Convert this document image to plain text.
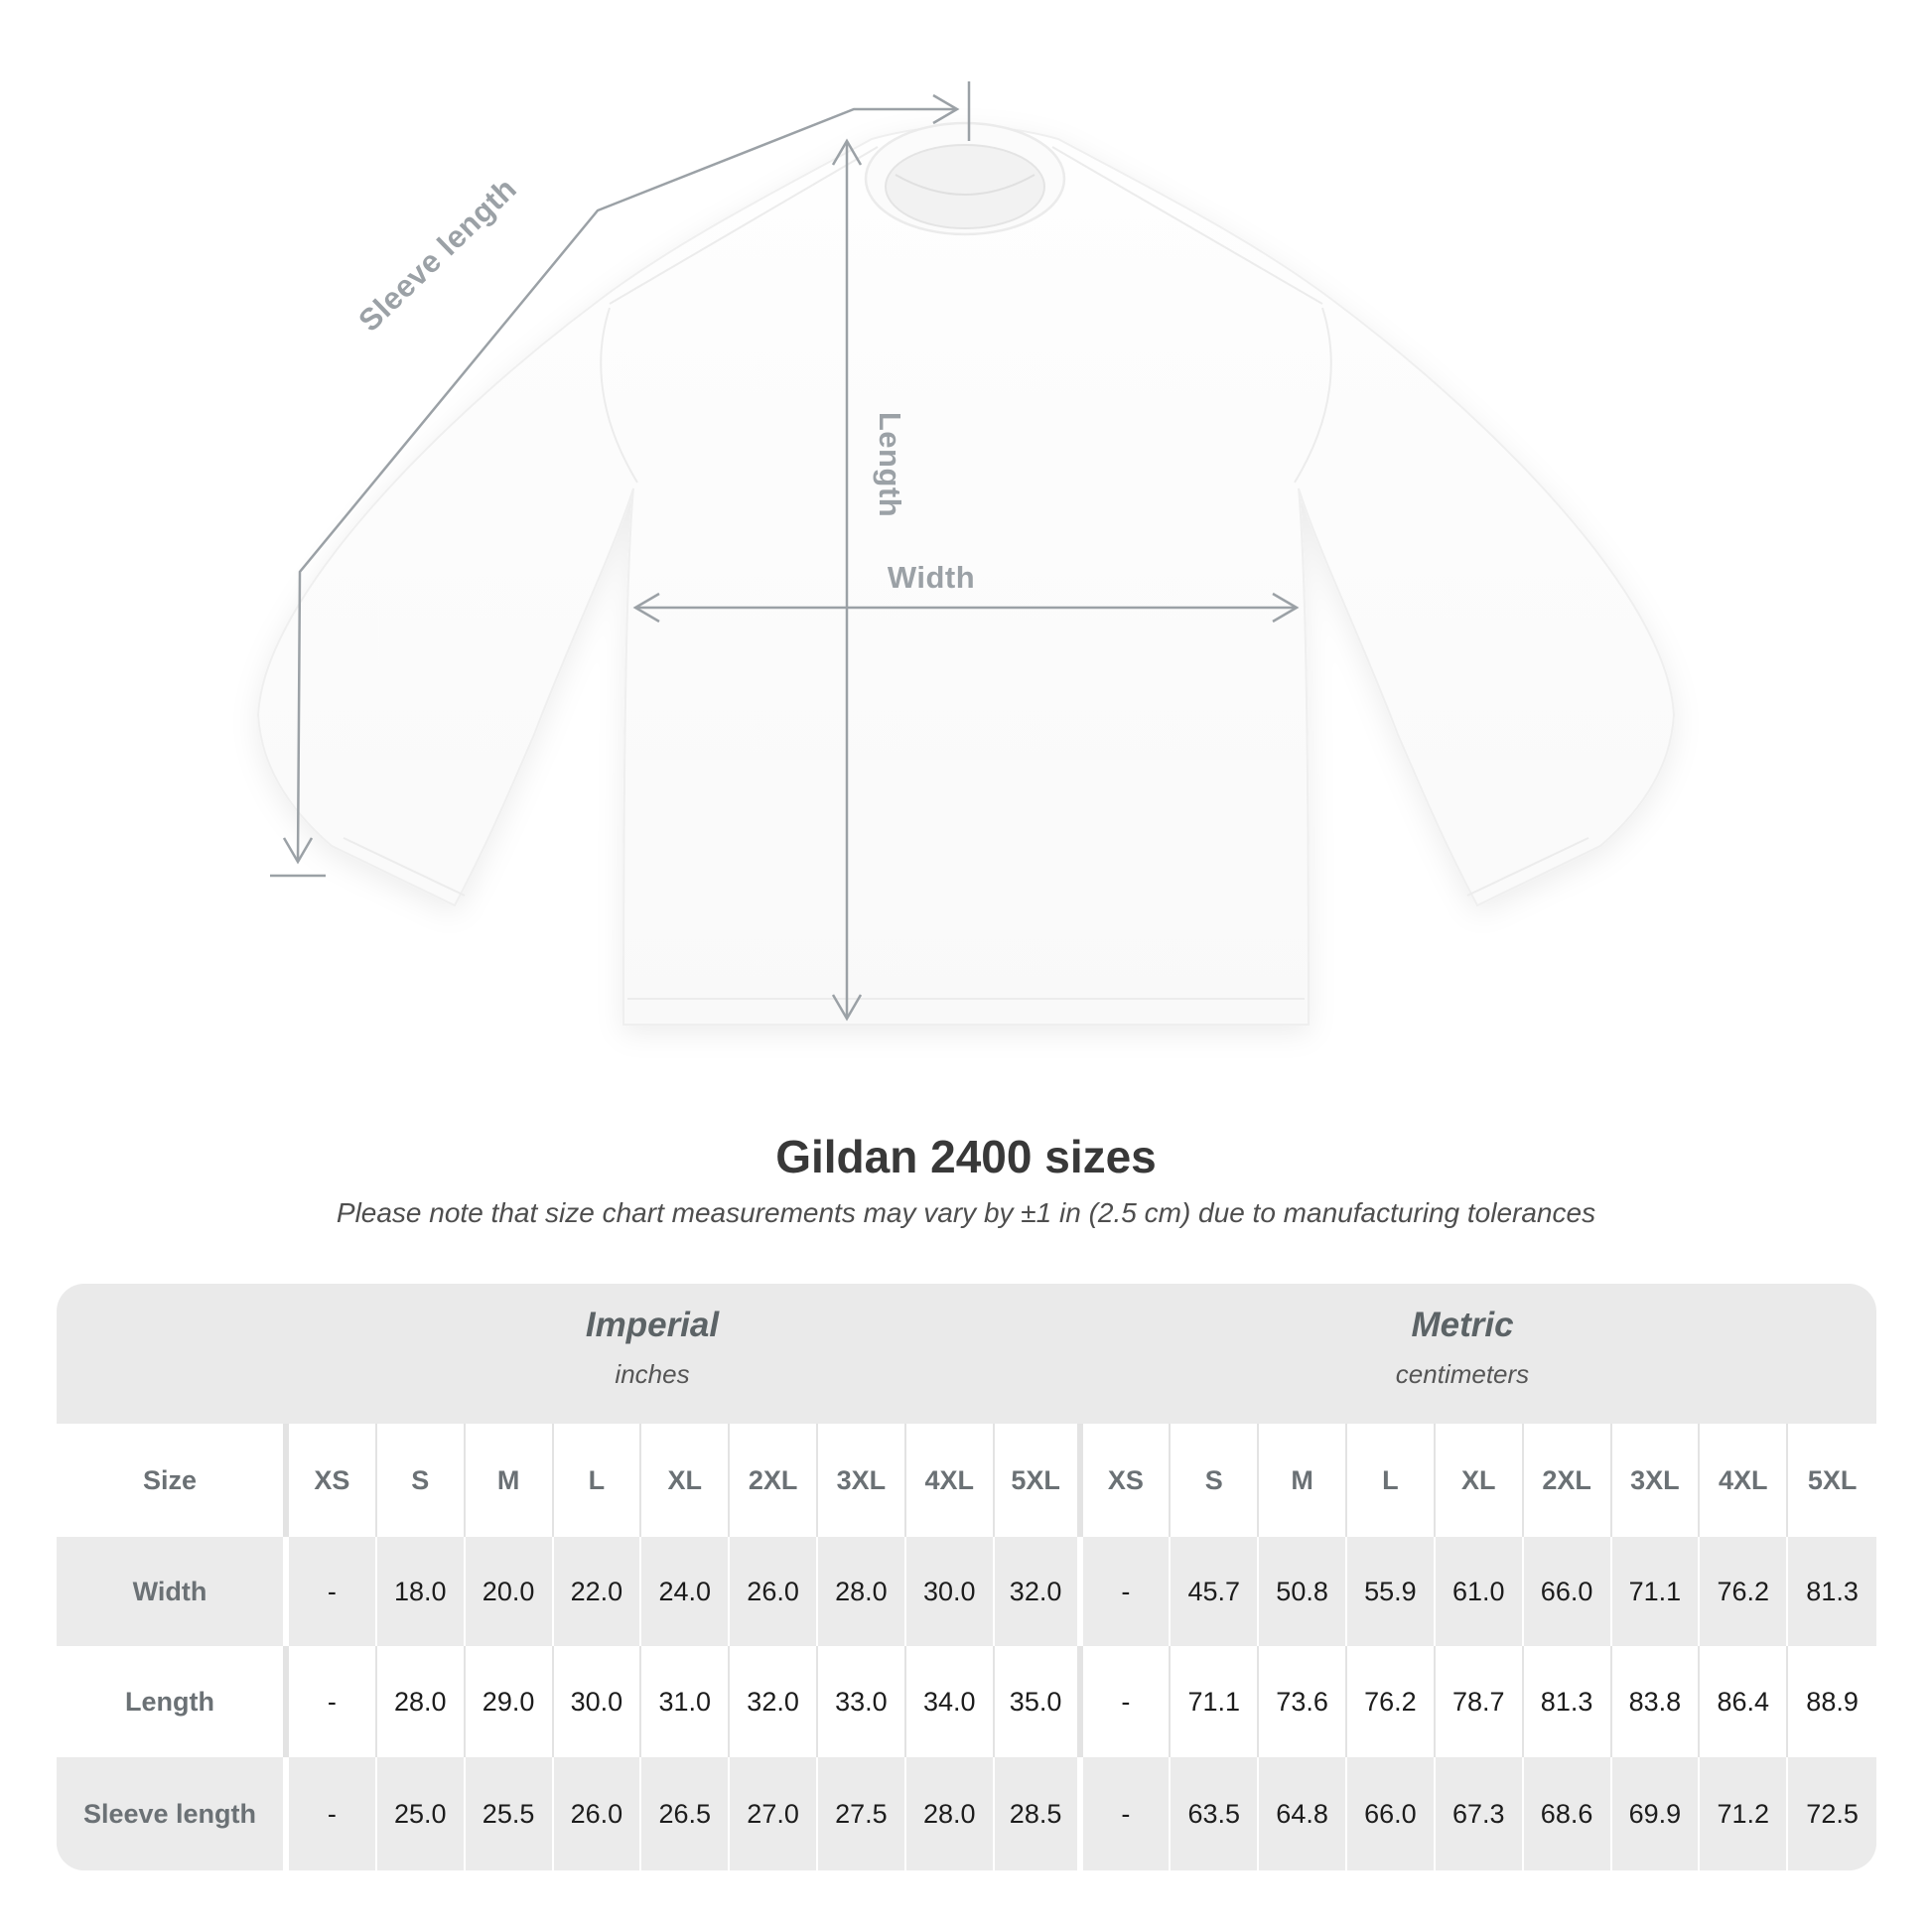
Width
Length
Sleeve length
Gildan 2400 sizes
Please note that size chart measurements may vary by ±1 in (2.5 cm) due to manufacturing tolerances
Imperial
inches
Metric
centimeters
Size	XS	S	M	L	XL	2XL	3XL	4XL	5XL	XS	S	M	L	XL	2XL	3XL	4XL	5XL
Width	-	18.0	20.0	22.0	24.0	26.0	28.0	30.0	32.0	-	45.7	50.8	55.9	61.0	66.0	71.1	76.2	81.3
Length	-	28.0	29.0	30.0	31.0	32.0	33.0	34.0	35.0	-	71.1	73.6	76.2	78.7	81.3	83.8	86.4	88.9
Sleeve length	-	25.0	25.5	26.0	26.5	27.0	27.5	28.0	28.5	-	63.5	64.8	66.0	67.3	68.6	69.9	71.2	72.5
